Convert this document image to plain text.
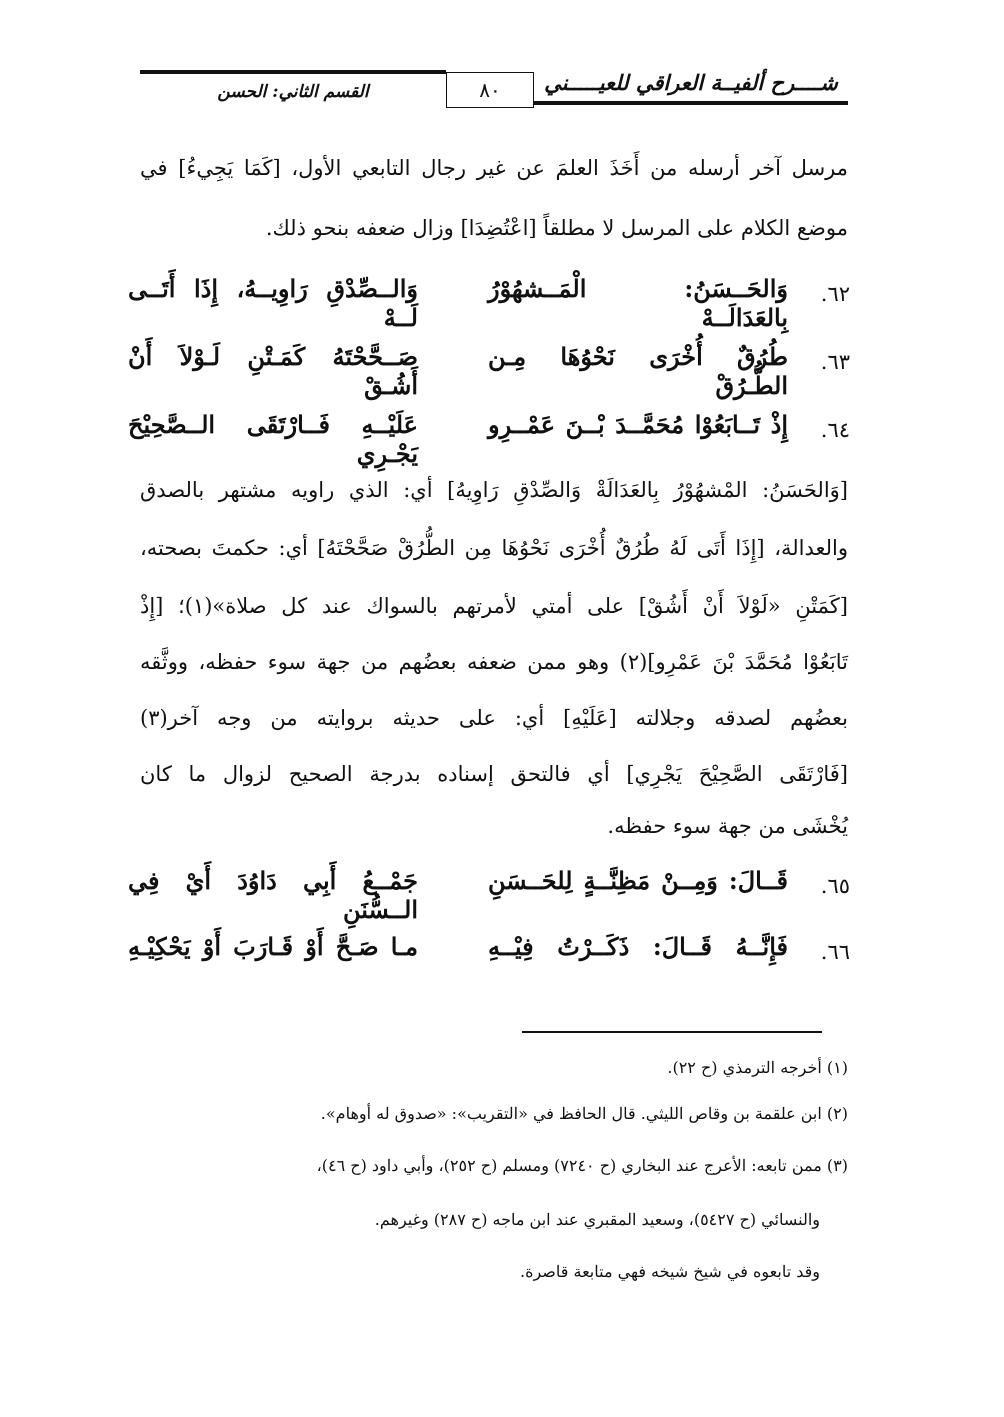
القسم الثاني: الحسن	٨٠	شــــرح ألفيــة العراقي للعيـــــني
مرسل آخر أرسله من أَخَذَ العلمَ عن غير رجال التابعي الأول، [كَمَا يَجِيءُ] في
موضع الكلام على المرسل لا مطلقاً [اعْتُضِدَا] وزال ضعفه بنحو ذلك.
٦٢.
وَالحَــسَنُ: الْمَــشهُوْرُ بِالعَدَالَــهْ
وَالــصِّدْقِ رَاوِيــهُ، إِذَا أَتَــى لَــهْ
٦٣.
طُرُقٌ أُخْرَى نَحْوُهَا مِـن الطُّـرُقْ
صَــحَّحْتَهُ كَمَـتْنِ لَـوْلاَ أَنْ أَشُـقْ
٦٤.
إِذْ تَــابَعُوْا مُحَمَّــدَ بْــنَ عَمْــرِو
عَلَيْــهِ فَــارْتَقَى الــصَّحِيْحَ يَجْـرِي
[وَالحَسَنُ: المْشهُوْرُ بِالعَدَالَةْ وَالصِّدْقِ رَاوِيهُ] أي: الذي راويه مشتهر بالصدق
والعدالة، [إِذَا أَتَى لَهُ طُرُقٌ أُخْرَى نَحْوُهَا مِن الطُّرُقْ صَحَّحْتَهُ] أي: حكمتَ بصحته،
[كَمَتْنِ «لَوْلاَ أَنْ أَشُقْ] على أمتي لأمرتهم بالسواك عند كل صلاة»(١)؛ [إِذْ
تَابَعُوْا مُحَمَّدَ بْنَ عَمْرِو](٢) وهو ممن ضعفه بعضُهم من جهة سوء حفظه، ووثَّقه
بعضُهم لصدقه وجلالته [عَلَيْهِ] أي: على حديثه بروايته من وجه آخر(٣)
[فَارْتَقَى الصَّحِيْحَ يَجْرِي] أي فالتحق إسناده بدرجة الصحيح لزوال ما كان
يُخْشَى من جهة سوء حفظه.
٦٥.
قَــالَ: وَمِــنْ مَظِنَّــةٍ لِلحَــسَنِ
جَمْــعُ أَبِي دَاوُدَ أَيْ فِي الــسُّنَنِ
٦٦.
فَإِنَّــهُ قَــالَ: ذَكَــرْتُ فِيْــهِ
مـا صَـحَّ أَوْ قَـارَبَ أَوْ يَحْكِيْـهِ
(١) أخرجه الترمذي (ح ٢٢).
(٢) ابن علقمة بن وقاص الليثي. قال الحافظ في «التقريب»: «صدوق له أوهام».
(٣) ممن تابعه: الأعرج عند البخاري (ح ٧٢٤٠) ومسلم (ح ٢٥٢)، وأبي داود (ح ٤٦)،
والنسائي (ح ٥٤٢٧)، وسعيد المقبري عند ابن ماجه (ح ٢٨٧) وغيرهم.
وقد تابعوه في شيخ شيخه فهي متابعة قاصرة.
